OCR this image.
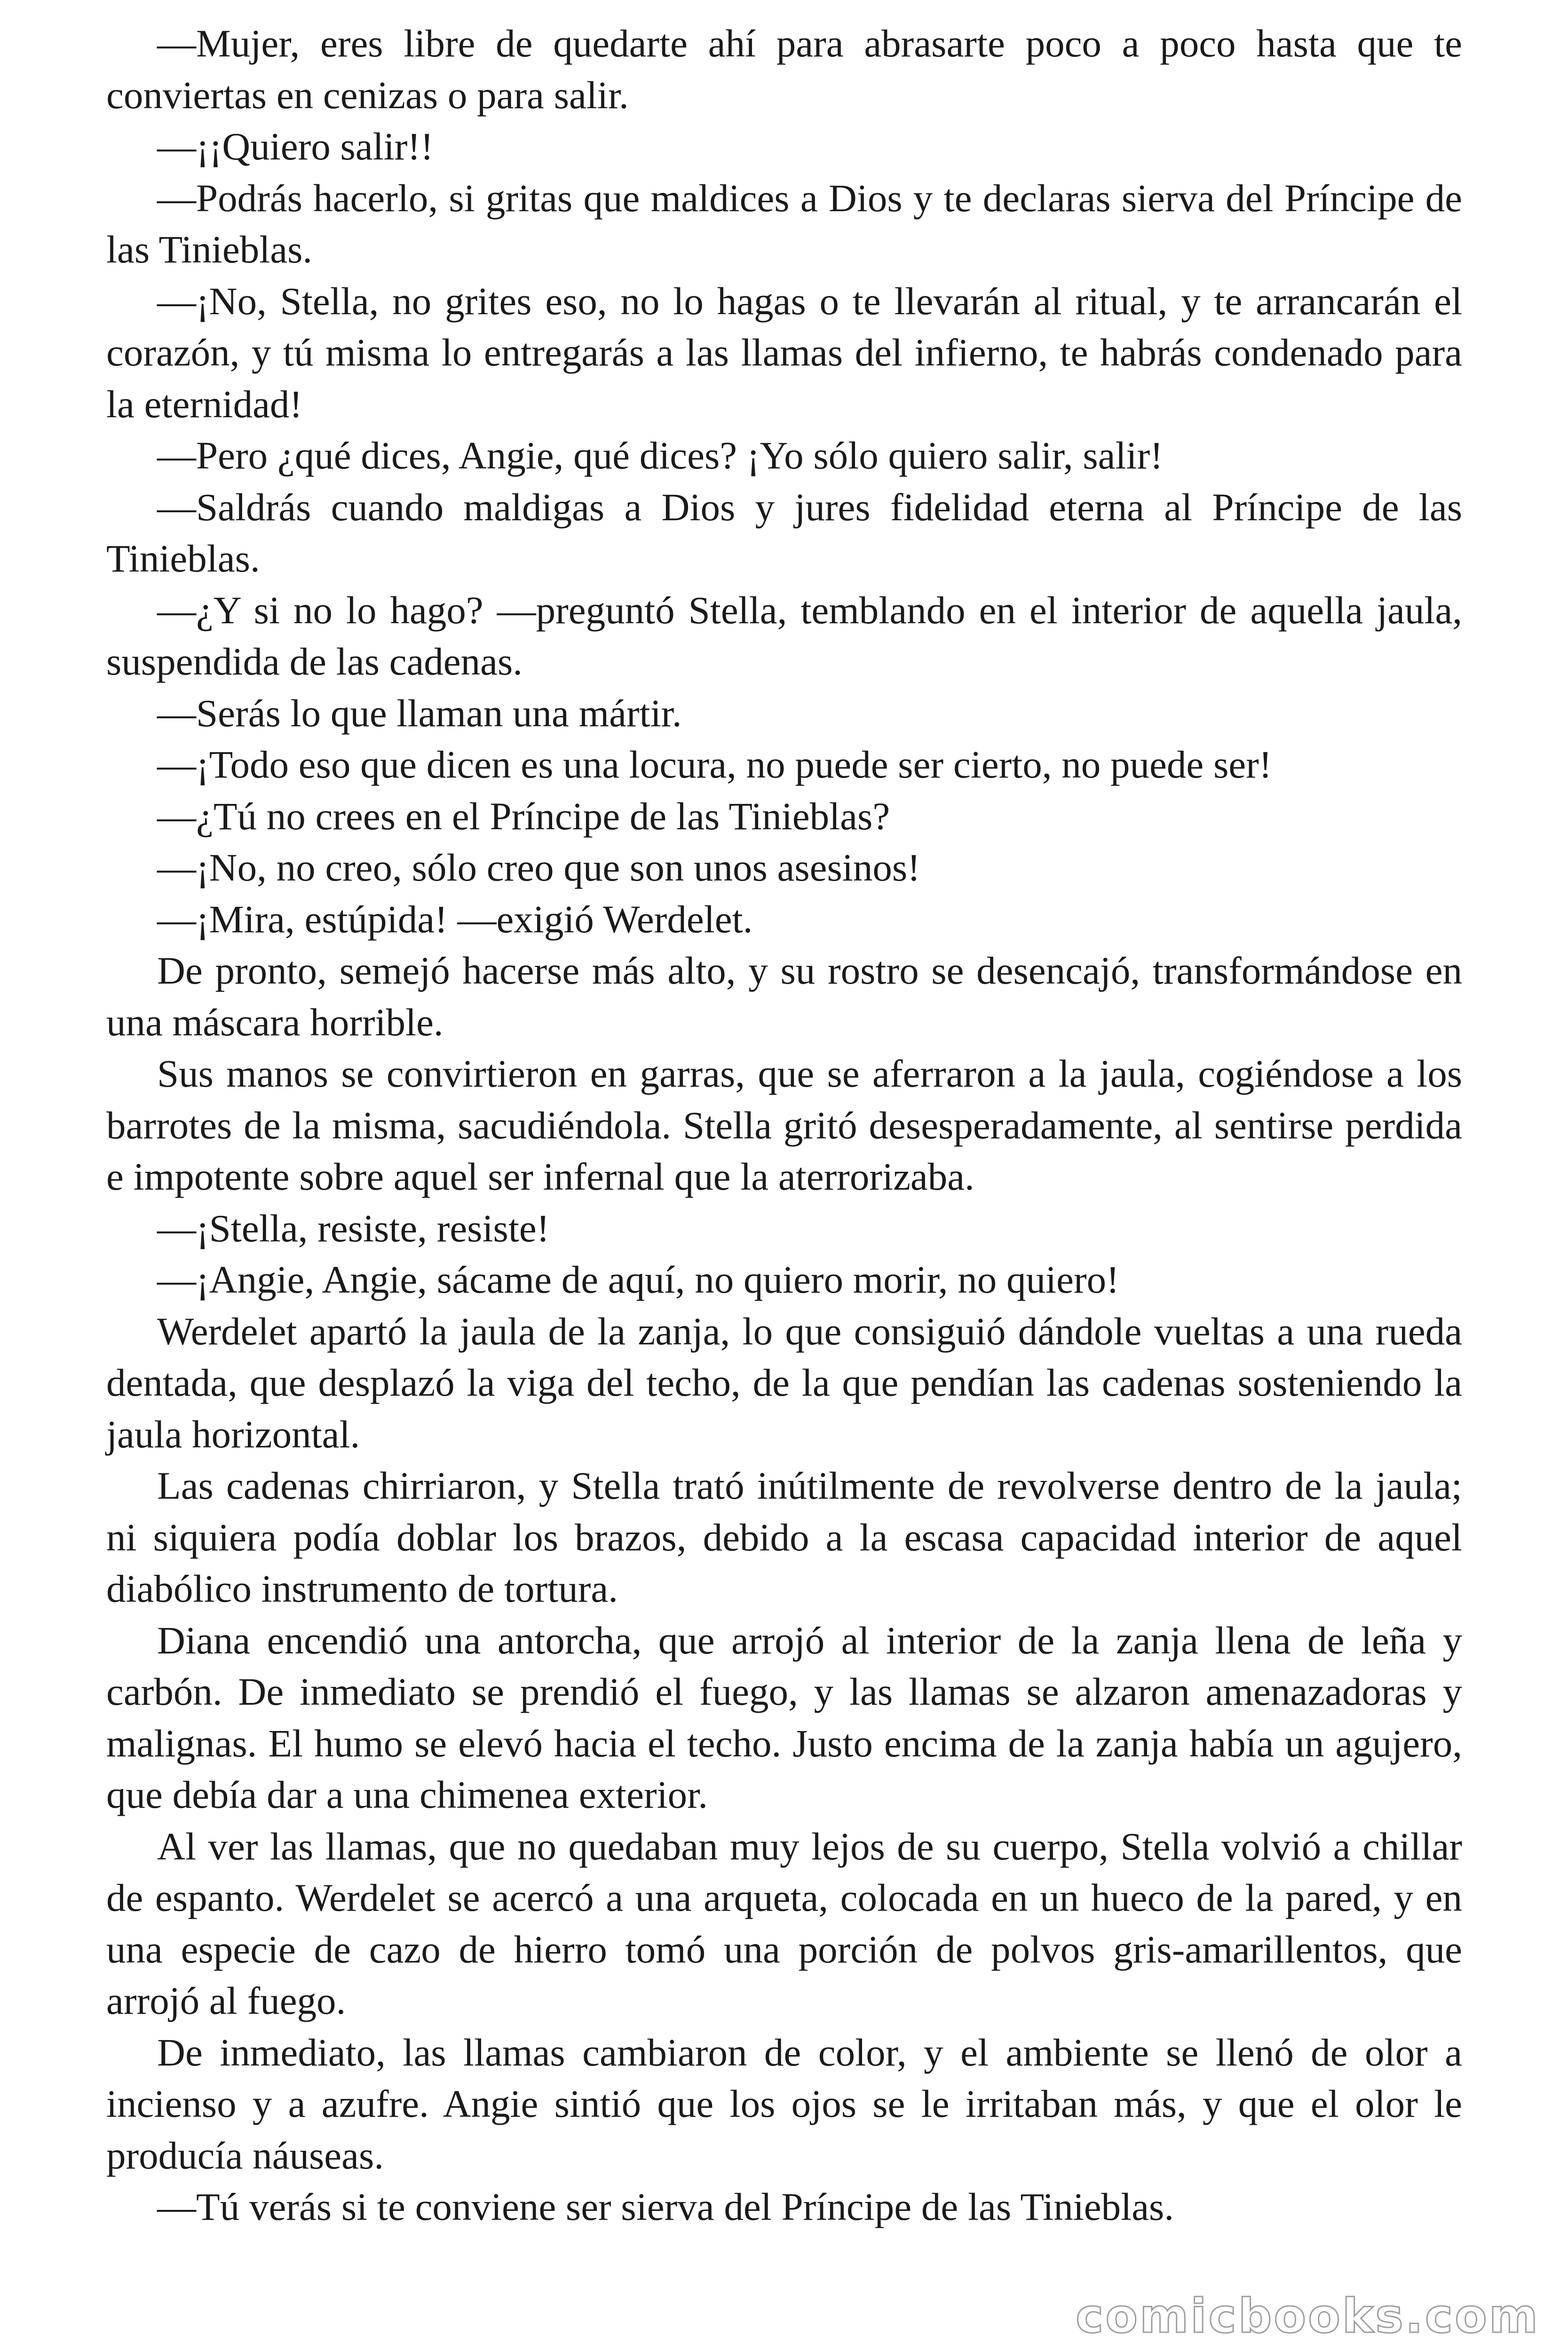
—Mujer, eres libre de quedarte ahí para abrasarte poco a poco hasta que te conviertas en cenizas o para salir.

—¡¡Quiero salir!!

—Podrás hacerlo, si gritas que maldices a Dios y te declaras sierva del Príncipe de las Tinieblas.

—¡No, Stella, no grites eso, no lo hagas o te llevarán al ritual, y te arrancarán el corazón, y tú misma lo entregarás a las llamas del infierno, te habrás condenado para la eternidad!

—Pero ¿qué dices, Angie, qué dices? ¡Yo sólo quiero salir, salir!

—Saldrás cuando maldigas a Dios y jures fidelidad eterna al Príncipe de las Tinieblas.

—¿Y si no lo hago? —preguntó Stella, temblando en el interior de aquella jaula, suspendida de las cadenas.

—Serás lo que llaman una mártir.

—¡Todo eso que dicen es una locura, no puede ser cierto, no puede ser!

—¿Tú no crees en el Príncipe de las Tinieblas?

—¡No, no creo, sólo creo que son unos asesinos!

—¡Mira, estúpida! —exigió Werdelet.

De pronto, semejó hacerse más alto, y su rostro se desencajó, transformándose en una máscara horrible.

Sus manos se convirtieron en garras, que se aferraron a la jaula, cogiéndose a los barrotes de la misma, sacudiéndola. Stella gritó desesperadamente, al sentirse perdida e impotente sobre aquel ser infernal que la aterrorizaba.

—¡Stella, resiste, resiste!

—¡Angie, Angie, sácame de aquí, no quiero morir, no quiero!

Werdelet apartó la jaula de la zanja, lo que consiguió dándole vueltas a una rueda dentada, que desplazó la viga del techo, de la que pendían las cadenas sosteniendo la jaula horizontal.

Las cadenas chirriaron, y Stella trató inútilmente de revolverse dentro de la jaula; ni siquiera podía doblar los brazos, debido a la escasa capacidad interior de aquel diabólico instrumento de tortura.

Diana encendió una antorcha, que arrojó al interior de la zanja llena de leña y carbón. De inmediato se prendió el fuego, y las llamas se alzaron amenazadoras y malignas. El humo se elevó hacia el techo. Justo encima de la zanja había un agujero, que debía dar a una chimenea exterior.

Al ver las llamas, que no quedaban muy lejos de su cuerpo, Stella volvió a chillar de espanto. Werdelet se acercó a una arqueta, colocada en un hueco de la pared, y en una especie de cazo de hierro tomó una porción de polvos gris-amarillentos, que arrojó al fuego.

De inmediato, las llamas cambiaron de color, y el ambiente se llenó de olor a incienso y a azufre. Angie sintió que los ojos se le irritaban más, y que el olor le producía náuseas.

—Tú verás si te conviene ser sierva del Príncipe de las Tinieblas.

comicbooks.com
